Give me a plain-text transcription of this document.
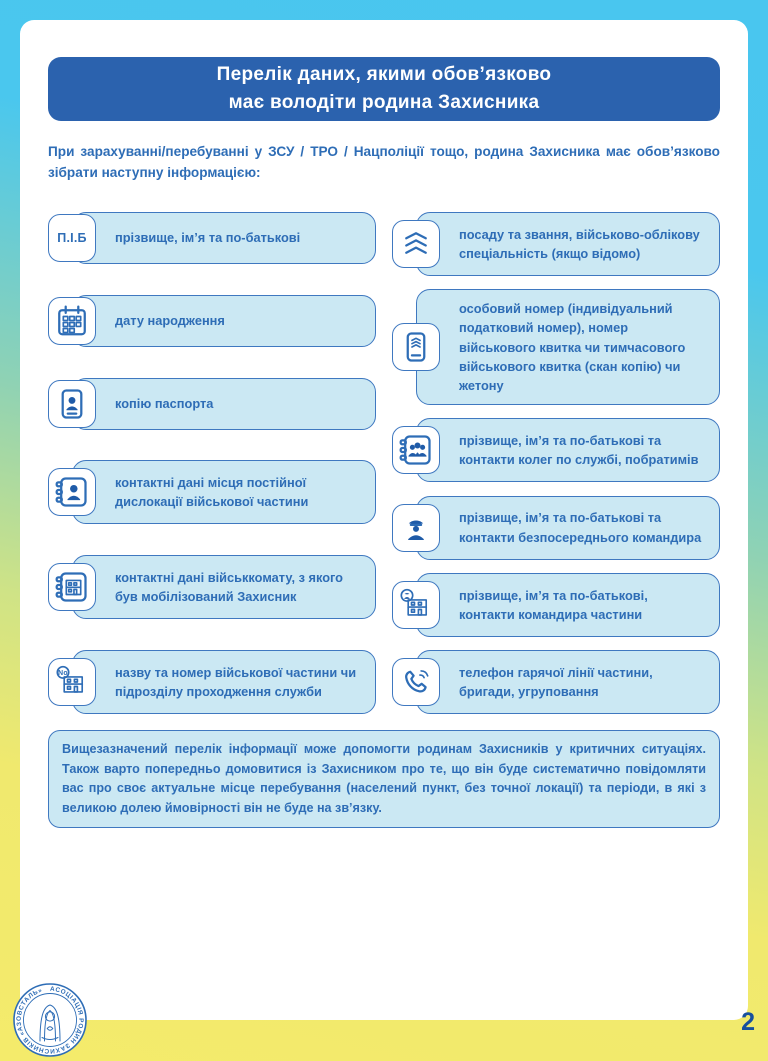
Перелік даних, якими обов’язково
має володіти родина Захисника
При зарахуванні/перебуванні у ЗСУ / ТРО / Нацполіції тощо, родина Захисника має обов’язково зібрати наступну інформацією:
П.І.Б прізвище, ім’я та по-батькові
дату народження
копію паспорта
контактні дані місця постійної дислокації військової частини
контактні дані військкомату, з якого був мобілізований Захисник
No	назву та номер військової частини чи підрозділу проходження служби
посаду та звання, військово-облікову спеціальність (якщо відомо)
особовий номер (індивідуальний податковий номер), номер військового квитка чи тимчасового військового квитка (скан копію) чи жетону
прізвище, ім’я та по-батькові та контакти колег по службі, побратимів
прізвище, ім’я та по-батькові та контакти безпосереднього командира
прізвище, ім’я та по-батькові, контакти командира частини
телефон гарячої лінії частини, бригади, угруповання
Вищезазначений перелік інформації може допомогти родинам Захисників у критичних ситуаціях. Також варто попередньо домовитися із Захисником про те, що він буде систематично повідомляти вас про своє актуальне місце перебування (населений пункт, без точної локації) та періоди, в які з великою долею ймовірності він не буде на зв’язку.
АСОЦІАЦІЯ РОДИН ЗАХИСНИКІВ «АЗОВСТАЛЬ»
2
